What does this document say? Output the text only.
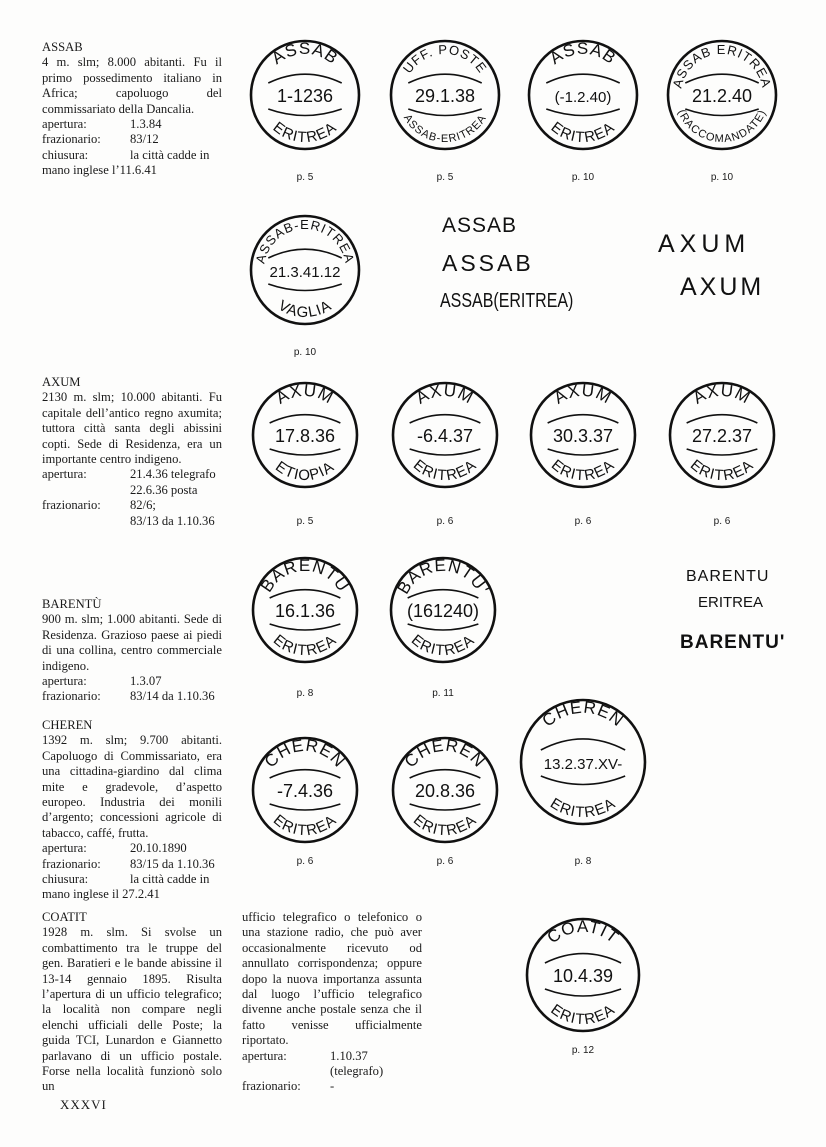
ASSAB
4 m. slm; 8.000 abitanti. Fu il primo possedimento italiano in Africa; capoluogo del commissariato della Dancalia.
apertura:	1.3.84
frazionario:	83/12
chiusura:	la città cadde in
mano inglese l’11.6.41
AXUM
2130 m. slm; 10.000 abitanti. Fu capitale dell’antico regno axumita; tuttora città santa degli abissini copti. Sede di Residenza, era un importante centro indigeno.
apertura:	21.4.36 telegrafo
22.6.36 posta
frazionario:	82/6;
83/13 da 1.10.36
BARENTÙ
900 m. slm; 1.000 abitanti. Sede di Residenza. Grazioso paese ai piedi di una collina, centro commerciale indigeno.
apertura:	1.3.07
frazionario:	83/14 da 1.10.36
CHEREN
1392 m. slm; 9.700 abitanti. Capoluogo di Commissariato, era una cittadina-giardino dal clima mite e gradevole, d’aspetto europeo. Industria dei monili d’argento; concessioni agricole di tabacco, caffé, frutta.
apertura:	20.10.1890
frazionario:	83/15 da 1.10.36
chiusura:	la città cadde in
mano inglese il 27.2.41
COATIT
1928 m. slm. Si svolse un combattimento tra le truppe del gen. Baratieri e le bande abissine il 13-14 gennaio 1895. Risulta l’apertura di un ufficio telegrafico; la località non compare negli elenchi ufficiali delle Poste; la guida TCI, Lunardon e Giannetto parlavano di un ufficio postale. Forse nella località funzionò solo un
ufficio telegrafico o telefonico o una stazione radio, che può aver occasionalmente ricevuto od annullato corrispondenza; oppure dopo la nuova importanza assunta dal luogo l’ufficio telegrafico divenne anche postale senza che il fatto venisse ufficialmente riportato.
apertura:	1.10.37 (telegrafo)
frazionario:	-
ASSAB
ERITREA
1-1236
p. 5
UFF. POSTE
ASSAB-ERITREA
29.1.38
p. 5
ASSAB
ERITREA
(-1.2.40)
p. 10
ASSAB ERITREA
(RACCOMANDATE)
21.2.40
p. 10
ASSAB-ERITREA
VAGLIA
21.3.41.12
p. 10
AXUM
ETIOPIA
17.8.36
p. 5
AXUM
ERITREA
-6.4.37
p. 6
AXUM
ERITREA
30.3.37
p. 6
AXUM
ERITREA
27.2.37
p. 6
BARENTU
ERITREA
16.1.36
p. 8
BARENTU'
ERITREA
(161240)
p. 11
CHEREN
ERITREA
-7.4.36
p. 6
CHEREN
ERITREA
20.8.36
p. 6
CHEREN
ERITREA
13.2.37.XV-
p. 8
COATIT
ERITREA
10.4.39
p. 12
ASSAB
ASSAB
ASSAB(ERITREA)
AXUM
AXUM
BARENTU
ERITREA
BARENTU'
XXXVI
